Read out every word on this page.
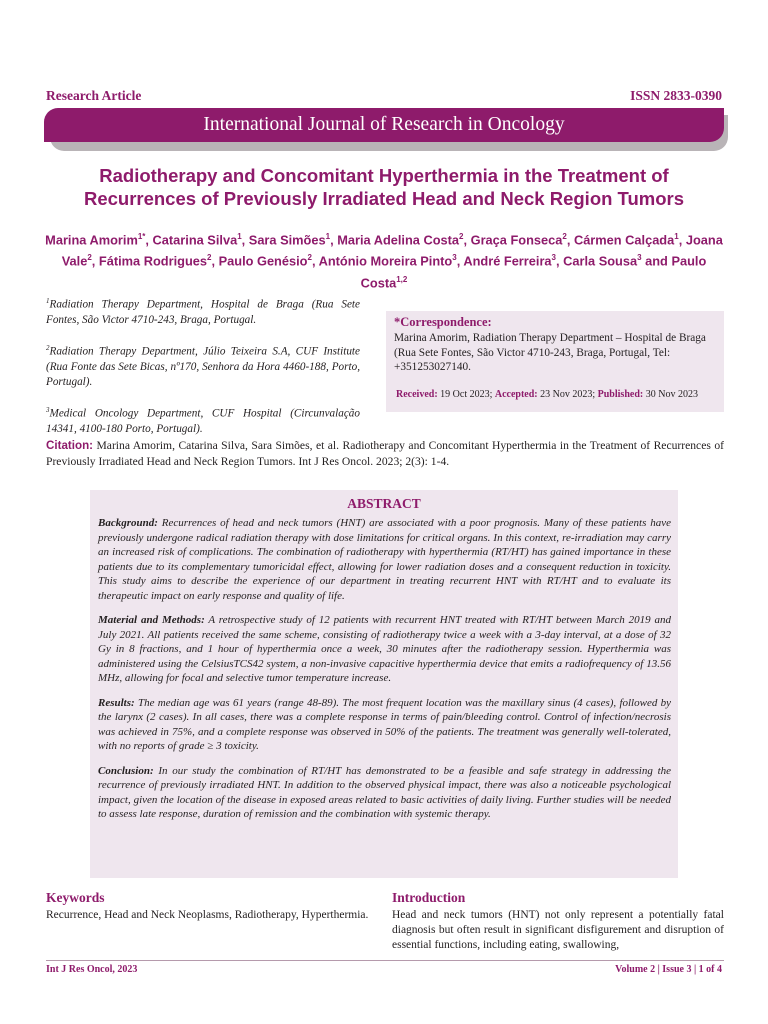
Research Article	ISSN 2833-0390
International Journal of Research in Oncology
Radiotherapy and Concomitant Hyperthermia in the Treatment of
Recurrences of Previously Irradiated Head and Neck Region Tumors
Marina Amorim$^{1*}$, Catarina Silva$^1$, Sara Simões$^1$, Maria Adelina Costa$^2$, Graça Fonseca$^2$, Cármen Calçada$^1$, Joana Vale$^2$, Fátima Rodrigues$^2$, Paulo Genésio$^2$, António Moreira Pinto$^3$, André Ferreira$^3$, Carla Sousa$^3$ and Paulo Costa$^{1,2}$

$^1$Radiation Therapy Department, Hospital de Braga (Rua Sete Fontes, São Victor 4710-243, Braga, Portugal.

$^2$Radiation Therapy Department, Júlio Teixeira S.A, CUF Institute (Rua Fonte das Sete Bicas, nº170, Senhora da Hora 4460-188, Porto, Portugal).

$^3$Medical Oncology Department, CUF Hospital (Circunvalação 14341, 4100-180 Porto, Portugal).

*Correspondence:
Marina Amorim, Radiation Therapy Department – Hospital de Braga (Rua Sete Fontes, São Victor 4710-243, Braga, Portugal, Tel: +351253027140.
Received: 19 Oct 2023; Accepted: 23 Nov 2023; Published: 30 Nov 2023
Citation: Marina Amorim, Catarina Silva, Sara Simões, et al. Radiotherapy and Concomitant Hyperthermia in the Treatment of Recurrences of Previously Irradiated Head and Neck Region Tumors. Int J Res Oncol. 2023; 2(3): 1-4.
ABSTRACT

Background: Recurrences of head and neck tumors (HNT) are associated with a poor prognosis. Many of these patients have previously undergone radical radiation therapy with dose limitations for critical organs. In this context, re-irradiation may carry an increased risk of complications. The combination of radiotherapy with hyperthermia (RT/HT) has gained importance in these patients due to its complementary tumoricidal effect, allowing for lower radiation doses and a consequent reduction in toxicity. This study aims to describe the experience of our department in treating recurrent HNT with RT/HT and to evaluate its therapeutic impact on early response and quality of life.

Material and Methods: A retrospective study of 12 patients with recurrent HNT treated with RT/HT between March 2019 and July 2021. All patients received the same scheme, consisting of radiotherapy twice a week with a 3-day interval, at a dose of 32 Gy in 8 fractions, and 1 hour of hyperthermia once a week, 30 minutes after the radiotherapy session. Hyperthermia was administered using the CelsiusTCS42 system, a non-invasive capacitive hyperthermia device that emits a radiofrequency of 13.56 MHz, allowing for focal and selective tumor temperature increase.

Results: The median age was 61 years (range 48-89). The most frequent location was the maxillary sinus (4 cases), followed by the larynx (2 cases). In all cases, there was a complete response in terms of pain/bleeding control. Control of infection/necrosis was achieved in 75%, and a complete response was observed in 50% of the patients. The treatment was generally well-tolerated, with no reports of grade ≥ 3 toxicity.

Conclusion: In our study the combination of RT/HT has demonstrated to be a feasible and safe strategy in addressing the recurrence of previously irradiated HNT. In addition to the observed physical impact, there was also a noticeable psychological impact, given the location of the disease in exposed areas related to basic activities of daily living. Further studies will be needed to assess late response, duration of remission and the combination with systemic therapy.

Keywords
Recurrence, Head and Neck Neoplasms, Radiotherapy, Hyperthermia.
Introduction
Head and neck tumors (HNT) not only represent a potentially fatal diagnosis but often result in significant disfigurement and disruption of essential functions, including eating, swallowing,
Int J Res Oncol, 2023	Volume 2 | Issue 3 | 1 of 4
